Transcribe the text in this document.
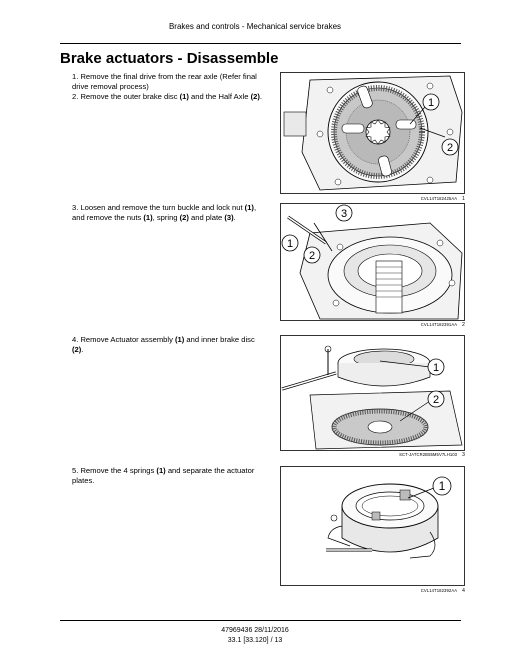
Brakes and controls - Mechanical service brakes
Brake actuators - Disassemble

1. Remove the final drive from the rear axle (Refer final drive removal process)

2. Remove the outer brake disc (1) and the Half Axle (2).

1
2
CVL14T182425AA 1

3. Loosen and remove the turn buckle and lock nut (1), and remove the nuts (1), spring (2) and plate (3).	3
1
2
CVL14T182391AA 2

4. Remove Actuator assembly (1) and inner brake disc (2).

1
2
SCT-JATCR2B55M5V7LH103 3

5. Remove the 4 springs (1) and separate the actuator plates.	1
CVL14T182392AA 4
47969436 28/11/2016
33.1 [33.120] / 13
